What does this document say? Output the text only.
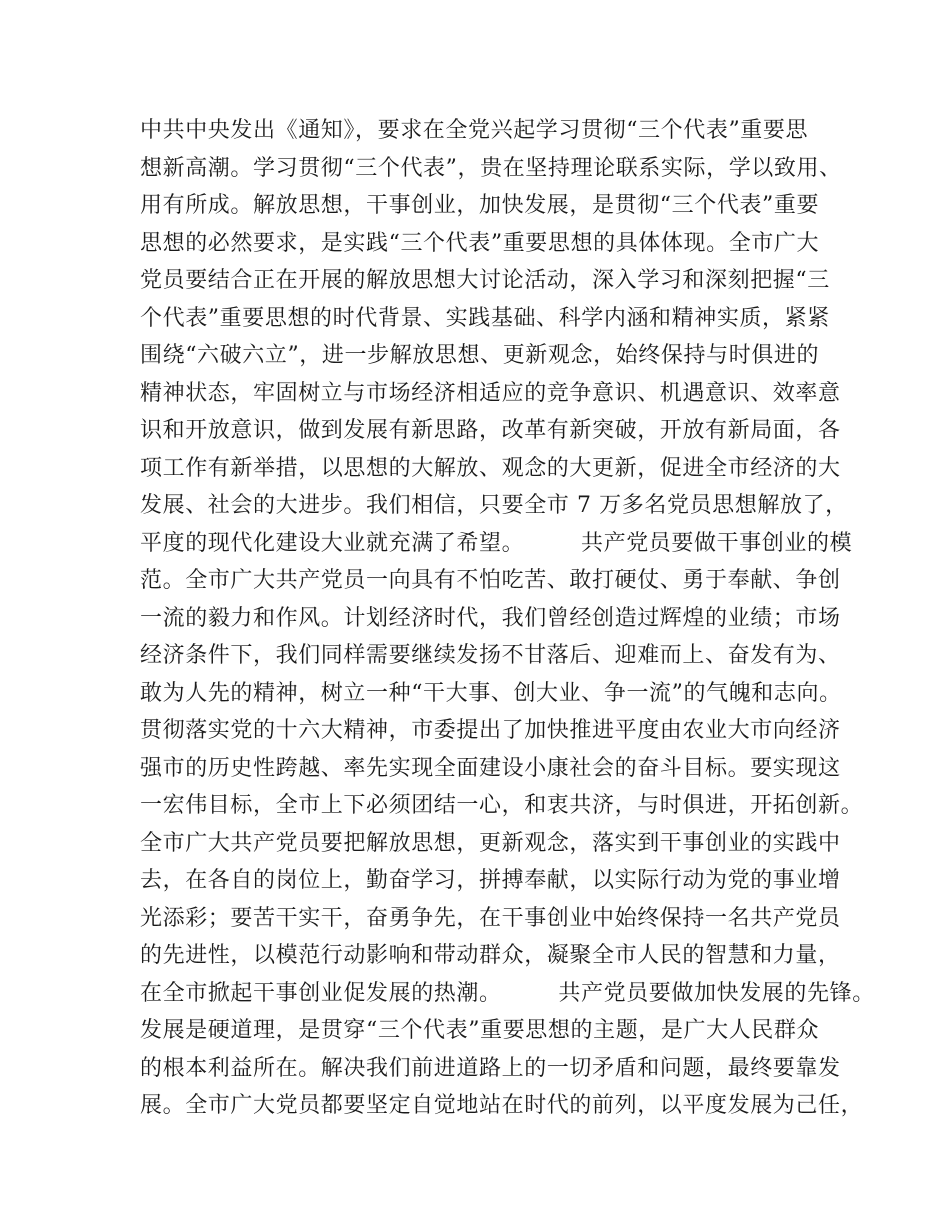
中共中央发出《通知》，要求在全党兴起学习贯彻“三个代表”重要思
想新高潮。学习贯彻“三个代表”，贵在坚持理论联系实际，学以致用、
用有所成。解放思想，干事创业，加快发展，是贯彻“三个代表”重要
思想的必然要求，是实践“三个代表”重要思想的具体体现。全市广大
党员要结合正在开展的解放思想大讨论活动，深入学习和深刻把握“三
个代表”重要思想的时代背景、实践基础、科学内涵和精神实质，紧紧
围绕“六破六立”，进一步解放思想、更新观念，始终保持与时俱进的
精神状态，牢固树立与市场经济相适应的竞争意识、机遇意识、效率意
识和开放意识，做到发展有新思路，改革有新突破，开放有新局面，各
项工作有新举措，以思想的大解放、观念的大更新，促进全市经济的大
发展、社会的大进步。我们相信，只要全市 7 万多名党员思想解放了，
平度的现代化建设大业就充满了希望。　　　共产党员要做干事创业的模
范。全市广大共产党员一向具有不怕吃苦、敢打硬仗、勇于奉献、争创
一流的毅力和作风。计划经济时代，我们曾经创造过辉煌的业绩；市场
经济条件下，我们同样需要继续发扬不甘落后、迎难而上、奋发有为、
敢为人先的精神，树立一种“干大事、创大业、争一流”的气魄和志向。
贯彻落实党的十六大精神，市委提出了加快推进平度由农业大市向经济
强市的历史性跨越、率先实现全面建设小康社会的奋斗目标。要实现这
一宏伟目标，全市上下必须团结一心，和衷共济，与时俱进，开拓创新。
全市广大共产党员要把解放思想，更新观念，落实到干事创业的实践中
去，在各自的岗位上，勤奋学习，拼搏奉献，以实际行动为党的事业增
光添彩；要苦干实干，奋勇争先，在干事创业中始终保持一名共产党员
的先进性，以模范行动影响和带动群众，凝聚全市人民的智慧和力量，
在全市掀起干事创业促发展的热潮。　　　共产党员要做加快发展的先锋。
发展是硬道理，是贯穿“三个代表”重要思想的主题，是广大人民群众
的根本利益所在。解决我们前进道路上的一切矛盾和问题，最终要靠发
展。全市广大党员都要坚定自觉地站在时代的前列，以平度发展为己任，
